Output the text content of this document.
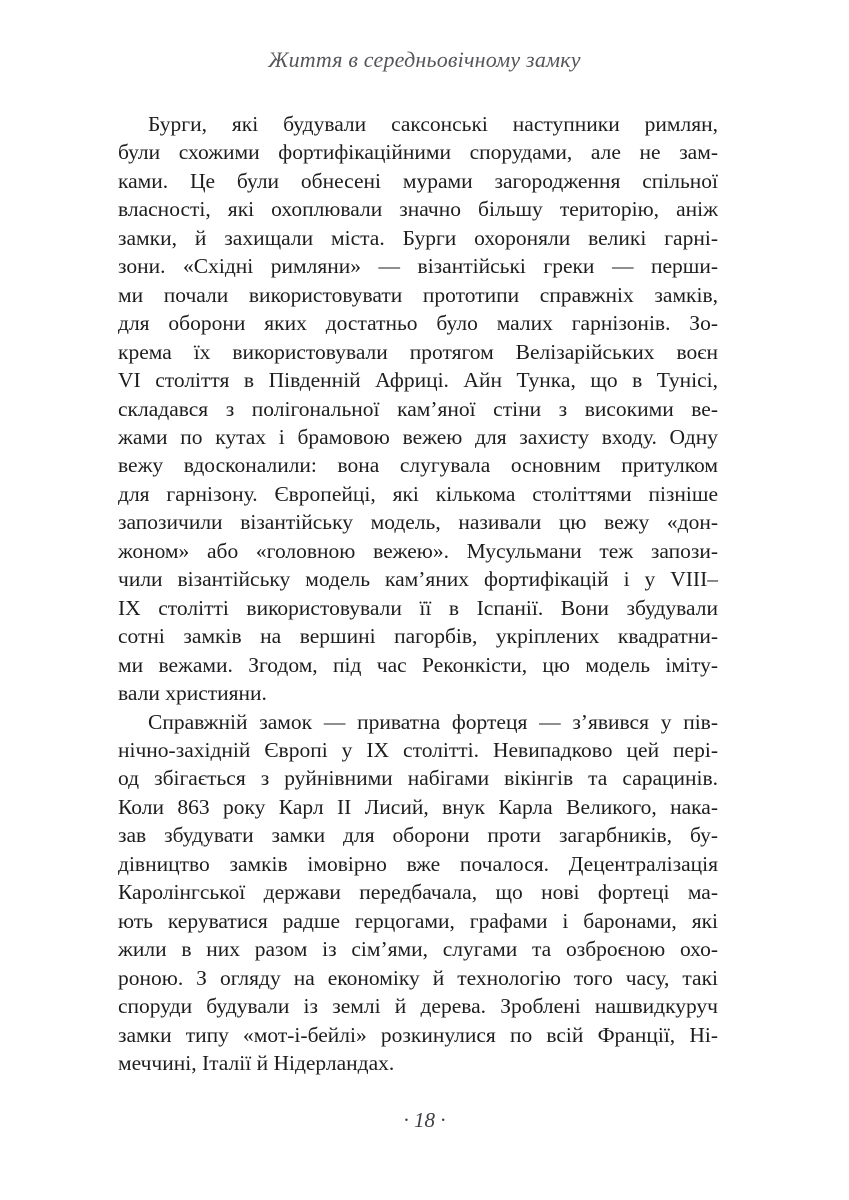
Життя в середньовічному замку
Бурги, які будували саксонські наступники римлян,
були схожими фортифікаційними спорудами, але не зам-
ками. Це були обнесені мурами загородження спільної
власності, які охоплювали значно більшу територію, аніж
замки, й захищали міста. Бурги охороняли великі гарні-
зони. «Східні римляни» — візантійські греки — перши-
ми почали використовувати прототипи справжніх замків,
для оборони яких достатньо було малих гарнізонів. Зо-
крема їх використовували протягом Велізарійських воєн
VI століття в Південній Африці. Айн Тунка, що в Тунісі,
складався з полігональної кам’яної стіни з високими ве-
жами по кутах і брамовою вежею для захисту входу. Одну
вежу вдосконалили: вона слугувала основним притулком
для гарнізону. Європейці, які кількома століттями пізніше
запозичили візантійську модель, називали цю вежу «дон-
жоном» або «головною вежею». Мусульмани теж запози-
чили візантійську модель кам’яних фортифікацій і у VIII–
IX столітті використовували її в Іспанії. Вони збудували
сотні замків на вершині пагорбів, укріплених квадратни-
ми вежами. Згодом, під час Реконкісти, цю модель іміту-
вали християни.
Справжній замок — приватна фортеця — з’явився у пів-
нічно-західній Європі у IX столітті. Невипадково цей пері-
од збігається з руйнівними набігами вікінгів та сарацинів.
Коли 863 року Карл II Лисий, внук Карла Великого, нака-
зав збудувати замки для оборони проти загарбників, бу-
дівництво замків імовірно вже почалося. Децентралізація
Каролінгської держави передбачала, що нові фортеці ма-
ють керуватися радше герцогами, графами і баронами, які
жили в них разом із сім’ями, слугами та озброєною охо-
роною. З огляду на економіку й технологію того часу, такі
споруди будували із землі й дерева. Зроблені нашвидкуруч
замки типу «мот-і-бейлі» розкинулися по всій Франції, Ні-
меччині, Італії й Нідерландах.
· 18 ·
